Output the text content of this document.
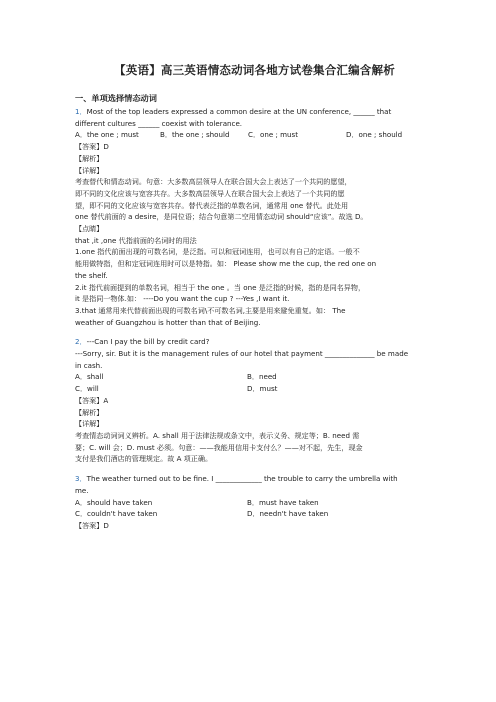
【英语】高三英语情态动词各地方试卷集合汇编含解析
一、单项选择情态动词
1．Most of the top leaders expressed a common desire at the UN conference, ______ that
different cultures ______ coexist with tolerance.
A．the one ; must	B．the one ; should	C．one ; must	D．one ; should
【答案】D
【解析】
【详解】
考查替代和情态动词。句意：大多数高层领导人在联合国大会上表达了一个共同的愿望，
即不同的文化应该与宽容共存。大多数高层领导人在联合国大会上表达了一个共同的愿
望，即不同的文化应该与宽容共存。替代表泛指的单数名词，通常用 one 替代。此处用
one 替代前面的 a desire，是同位语；结合句意第二空用情态动词 should“应该”。故选 D。
【点睛】
that ,it ,one 代指前面的名词时的用法
1.one 指代前面出现的可数名词，是泛指。可以和冠词连用，也可以有自己的定语。一般不
能用做特指，但和定冠词连用时可以是特指。如： Please show me the cup, the red one on
the shelf.
2.it 指代前面提到的单数名词，相当于 the one 。当 one 是泛指的时候，指的是同名异物，
it 是指同一物体.如： ----Do you want the cup ? ---Yes ,I want it.
3.that 通常用来代替前面出现的可数名词\不可数名词,主要是用来避免重复。如： The
weather of Guangzhou is hotter than that of Beijing.
2．---Can I pay the bill by credit card?
---Sorry, sir. But it is the management rules of our hotel that payment ______________ be made
in cash.
A．shall	B．need
C．will	D．must
【答案】A
【解析】
【详解】
考查情态动词词义辨析。A. shall 用于法律法规或条文中，表示义务、规定等；B. need 需
要；C. will 会；D. must 必须。句意：——我能用信用卡支付么？——对不起，先生，现金
支付是我们酒店的管理规定。故 A 项正确。
3．The weather turned out to be fine. I _____________ the trouble to carry the umbrella with
me.
A．should have taken	B．must have taken
C．couldn't have taken	D．needn't have taken
【答案】D
